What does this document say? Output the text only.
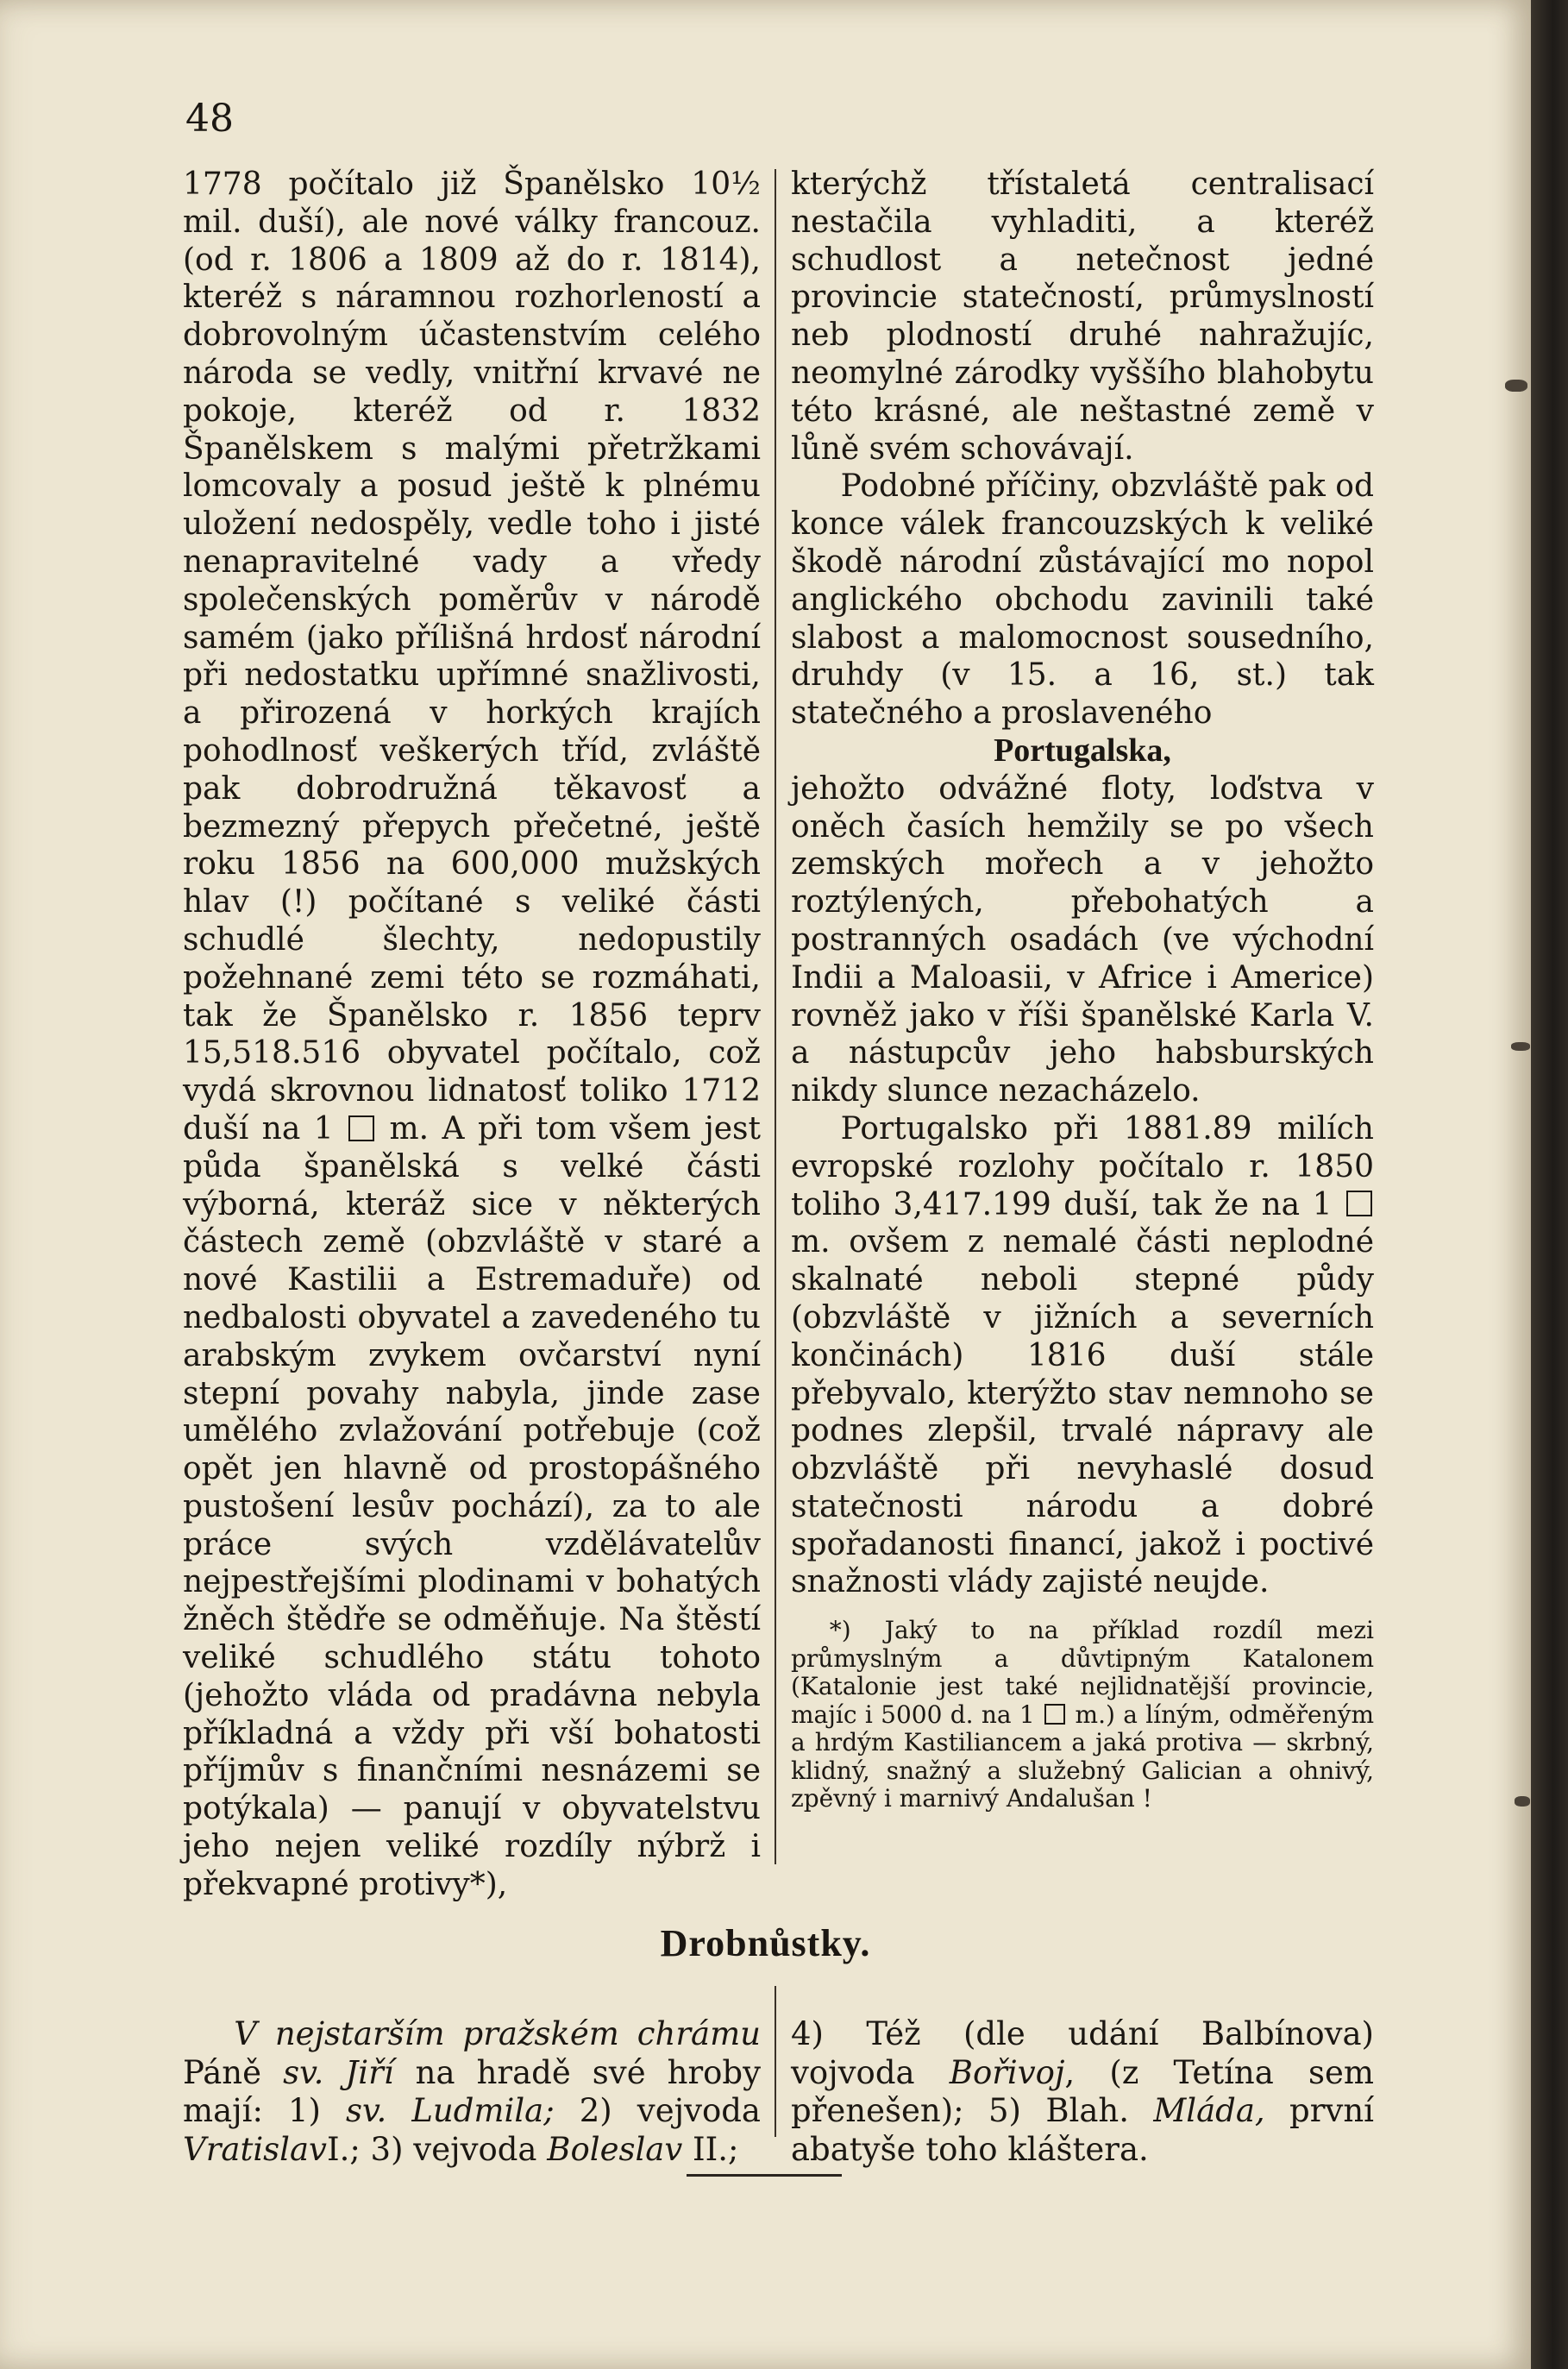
48

1778 počítalo již Španělsko 10½ mil. duší), ale nové války francouz. (od r. 1806 a 1809 až do r. 1814), kteréž s náramnou rozhorleností a dobrovolným účastenstvím celého národa se vedly, vnitřní krvavé ne pokoje, kteréž od r. 1832 Španělskem s malými přetržkami lomcovaly a posud ještě k plnému uložení nedospěly, vedle toho i jisté nenapravitelné vady a vředy společenských poměrův v národě samém (jako přílišná hrdosť národní při nedostatku upřímné snažlivosti, a přirozená v horkých krajích pohodlnosť veškerých tříd, zvláště pak dobrodružná těkavosť a bezmezný přepych přečetné, ještě roku 1856 na 600,000 mužských hlav (!) počítané s veliké části schudlé šlechty, nedopustily požehnané zemi této se rozmáhati, tak že Španělsko r. 1856 teprv 15,518.516 obyvatel počítalo, což vydá skrovnou lidnatosť toliko 1712 duší na 1 m. A při tom všem jest půda španělská s velké části výborná, kteráž sice v některých částech země (obzvláště v staré a nové Kastilii a Estremaduře) od nedbalosti obyvatel a zavedeného tu arabským zvykem ovčarství nyní stepní povahy nabyla, jinde zase umělého zvlažování potřebuje (což opět jen hlavně od prostopášného pustošení lesův pochází), za to ale práce svých vzdělávatelův nejpestřejšími plodinami v bohatých žněch štědře se odměňuje. Na štěstí veliké schudlého státu tohoto (jehožto vláda od pradávna nebyla příkladná a vždy při vší bohatosti příjmův s finančními nesnázemi se potýkala) — panují v obyvatelstvu jeho nejen veliké rozdíly nýbrž i překvapné protivy*),

kterýchž třístaletá centralisací nestačila vyhladiti, a kteréž schudlost a netečnost jedné provincie statečností, průmyslností neb plodností druhé nahražujíc, neomylné zárodky vyššího blahobytu této krásné, ale neštastné země v lůně svém schovávají.

Podobné příčiny, obzvláště pak od konce válek francouzských k veliké škodě národní zůstávající mo nopol anglického obchodu zavinili také slabost a malomocnost sousedního, druhdy (v 15. a 16, st.) tak statečného a proslaveného

Portugalska,

jehožto odvážné floty, loďstva v oněch časích hemžily se po všech zemských mořech a v jehožto roztýlených, přebohatých a postranných osadách (ve východní Indii a Maloasii, v Africe i Americe) rovněž jako v říši španělské Karla V. a nástupcův jeho habsburských nikdy slunce nezacházelo.

Portugalsko při 1881.89 milích evropské rozlohy počítalo r. 1850 toliho 3,417.199 duší, tak že na 1  m. ovšem z nemalé části neplodné skalnaté neboli stepné půdy (obzvláště v jižních a severních končinách) 1816 duší stále přebyvalo, kterýžto stav nemnoho se podnes zlepšil, trvalé nápravy ale obzvláště při nevyhaslé dosud statečnosti národu a dobré spořadanosti financí, jakož i poctivé snažnosti vlády zajisté neujde.

*) Jaký to na příklad rozdíl mezi průmyslným a důvtipným Katalonem (Katalonie jest také nejlidnatější provincie, majíc i 5000 d. na 1 m.) a líným, odměřeným a hrdým Kastiliancem a jaká protiva — skrbný, klidný, snažný a služebný Galician a ohnivý, zpěvný i marnivý Andalušan !

Drobnůstky.

V nejstarším pražském chrámu Páně sv. Jiří na hradě své hroby mají: 1) sv. Ludmila; 2) vejvoda VratislavI.; 3) vejvoda Boleslav II.;

4) Též (dle udání Balbínova) vojvoda Bořivoj, (z Tetína sem přenešen); 5) Blah. Mláda, první abatyše toho kláštera.
